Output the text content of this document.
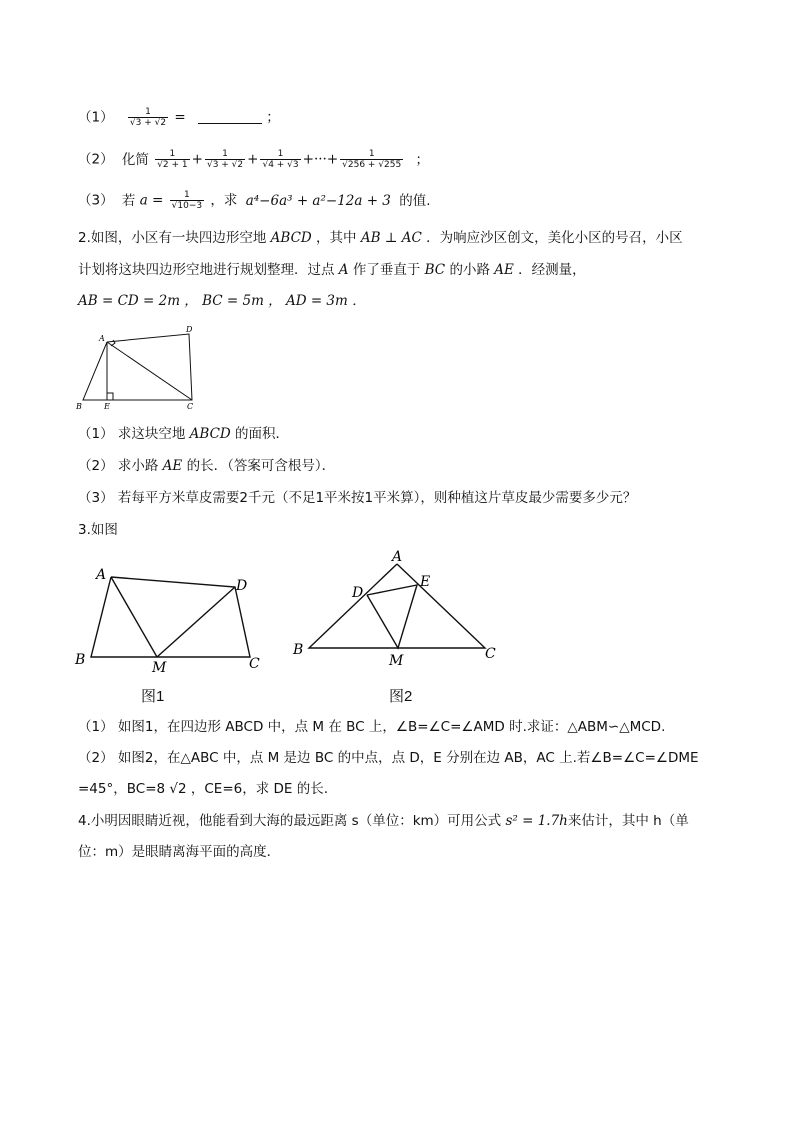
$(1) \frac{1}{√3 + √2}$ =	；
（2） 化简 $\frac{1}{√2 + 1} + \frac{1}{√3 + √2} + \frac{1}{√4 + √3}$ +···+ $\frac{1}{√256 + √255}$ ；
（3） 若 $a = \frac{1}{√10-3}$ ，求 a⁴−6a³ + a²−12a + 3 的值.
2.如图，小区有一块四边形空地 ABCD ，其中 AB ⊥ AC ．为响应沙区创文，美化小区的号召，小区
计划将这块四边形空地进行规划整理．过点 A 作了垂直于 BC 的小路 AE ．经测量，
AB = CD = 2m ， BC = 5m ， AD = 3m ．
A
D
B	E	C
（1） 求这块空地 ABCD 的面积．
（2） 求小路 AE 的长．（答案可含根号）．
（3） 若每平方米草皮需要2千元（不足1平米按1平米算），则种植这片草皮最少需要多少元？
3.如图
A
D
B	M	C
图1
A
D
E
B
M	C
图2
（1） 如图1，在四边形 ABCD 中，点 M 在 BC 上，∠B=∠C=∠AMD 时.求证：△ABM∽△MCD.
（2） 如图2，在△ABC 中，点 M 是边 BC 的中点，点 D，E 分别在边 AB，AC 上.若∠B=∠C=∠DME
=45°，BC=8 √2 ，CE=6，求 DE 的长.
4.小明因眼睛近视，他能看到大海的最远距离 s（单位：km）可用公式 s² = 1.7h来估计，其中 h（单
位：m）是眼睛离海平面的高度．
